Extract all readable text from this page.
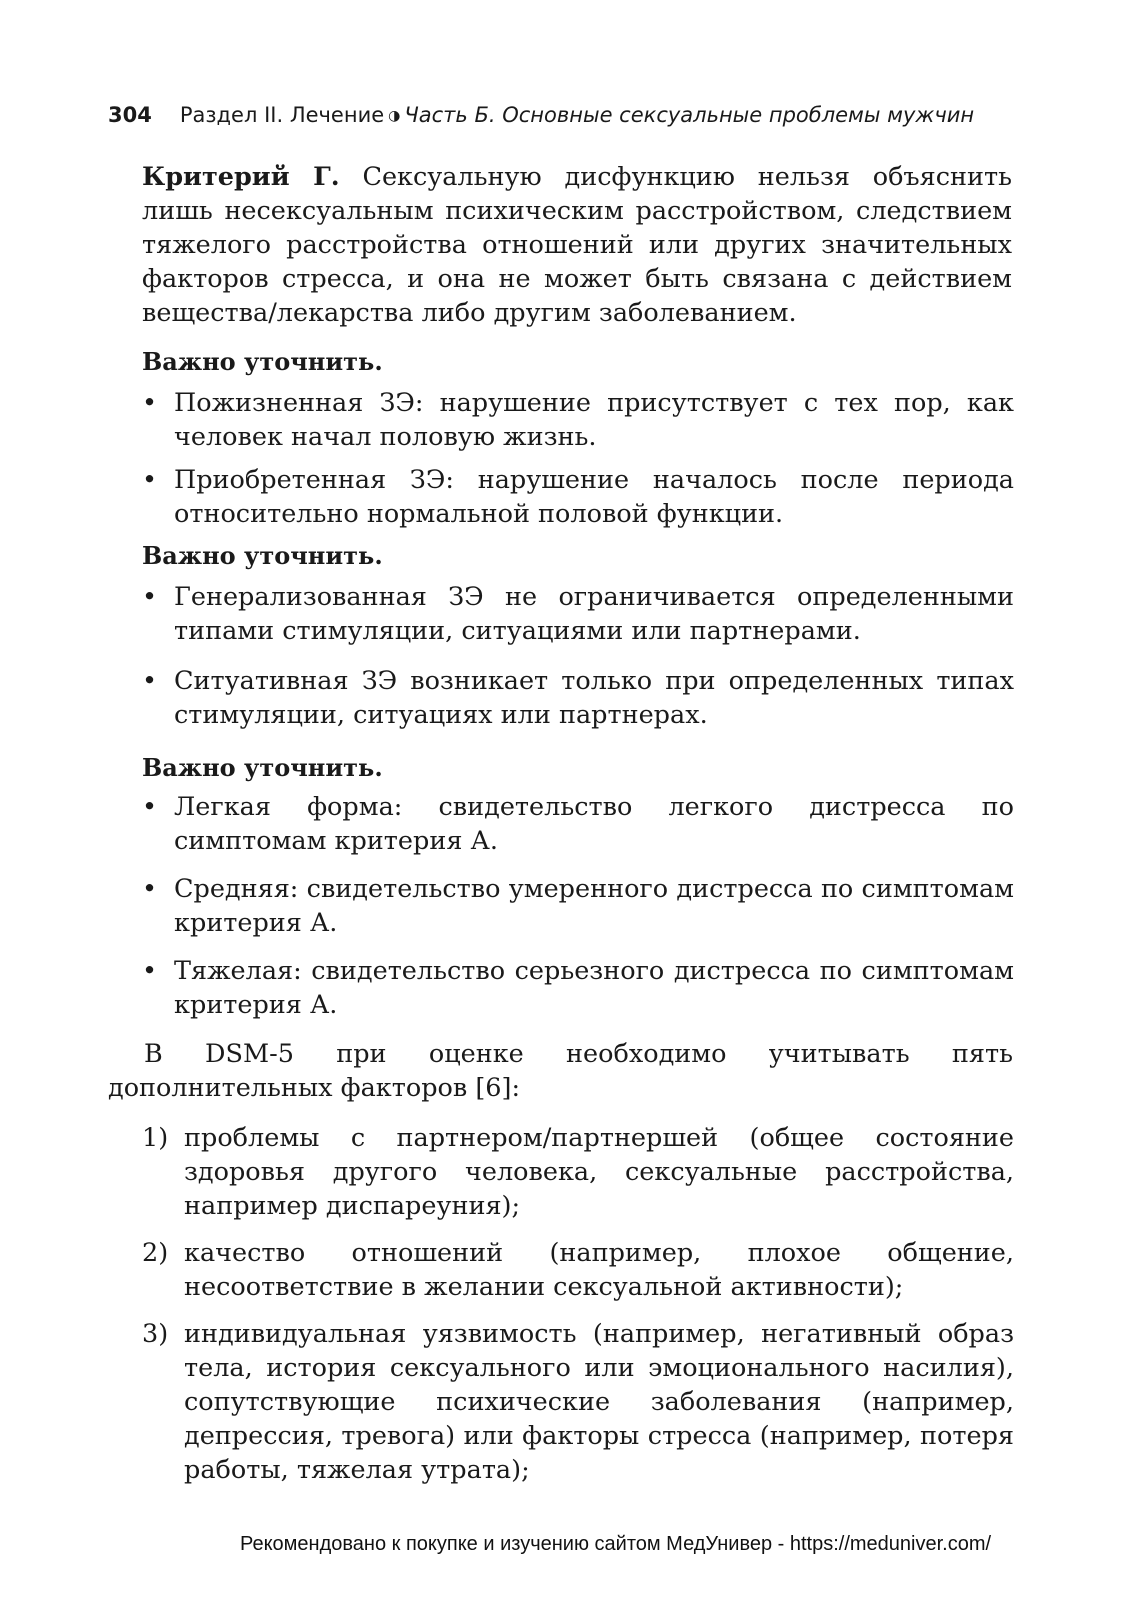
304 Раздел II. Лечение ◑ Часть Б. Основные сексуальные проблемы мужчин

Критерий Г. Сексуальную дисфункцию нельзя объяснить лишь несексуальным психическим расстройством, следствием тяжелого расстройства отношений или других значительных факторов стресса, и она не может быть связана с действием вещества/лекарства либо другим заболеванием.

Важно уточнить.

• Пожизненная ЗЭ: нарушение присутствует с тех пор, как человек начал половую жизнь.
• Приобретенная ЗЭ: нарушение началось после периода относительно нормальной половой функции.

Важно уточнить.

• Генерализованная ЗЭ не ограничивается определенными типами стимуляции, ситуациями или партнерами.
• Ситуативная ЗЭ возникает только при определенных типах стимуляции, ситуациях или партнерах.

Важно уточнить.

• Легкая форма: свидетельство легкого дистресса по симптомам критерия А.
• Средняя: свидетельство умеренного дистресса по симптомам критерия А.
• Тяжелая: свидетельство серьезного дистресса по симптомам критерия А.

В DSM-5 при оценке необходимо учитывать пять дополнительных факторов [6]:

1) проблемы с партнером/партнершей (общее состояние здоровья другого человека, сексуальные расстройства, например диспареуния);
2) качество отношений (например, плохое общение, несоответствие в желании сексуальной активности);
3) индивидуальная уязвимость (например, негативный образ тела, история сексуального или эмоционального насилия), сопутствующие психические заболевания (например, депрессия, тревога) или факторы стресса (например, потеря работы, тяжелая утрата);
Рекомендовано к покупке и изучению сайтом МедУнивер - https://meduniver.com/
